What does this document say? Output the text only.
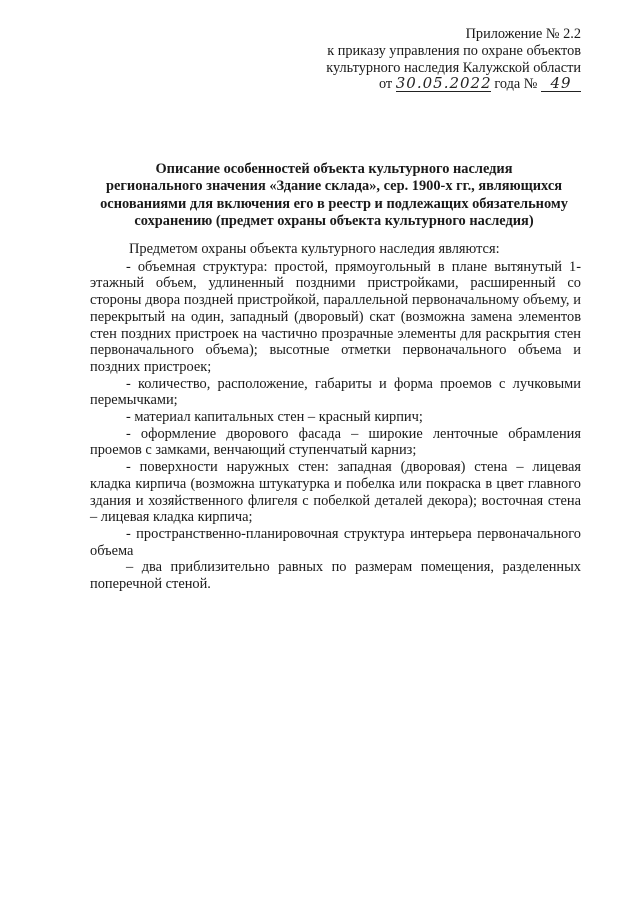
Приложение № 2.2
к приказу управления по охране объектов
культурного наследия Калужской области
от 30.05.2022 года № 49
Описание особенностей объекта культурного наследия
регионального значения «Здание склада», сер. 1900-х гг., являющихся
основаниями для включения его в реестр и подлежащих обязательному
сохранению (предмет охраны объекта культурного наследия)

Предметом охраны объекта культурного наследия являются:

- объемная структура: простой, прямоугольный в плане вытянутый 1-этажный объем, удлиненный поздними пристройками, расширенный со стороны двора поздней пристройкой, параллельной первоначальному объему, и перекрытый на один, западный (дворовый) скат (возможна замена элементов стен поздних пристроек на частично прозрачные элементы для раскрытия стен первоначального объема); высотные отметки первоначального объема и поздних пристроек;

- количество, расположение, габариты и форма проемов с лучковыми перемычками;

- материал капитальных стен – красный кирпич;

- оформление дворового фасада – широкие ленточные обрамления проемов с замками, венчающий ступенчатый карниз;

- поверхности наружных стен: западная (дворовая) стена – лицевая кладка кирпича (возможна штукатурка и побелка или покраска в цвет главного здания и хозяйственного флигеля с побелкой деталей декора); восточная стена – лицевая кладка кирпича;

- пространственно-планировочная структура интерьера первоначального объема

– два приблизительно равных по размерам помещения, разделенных поперечной стеной.
